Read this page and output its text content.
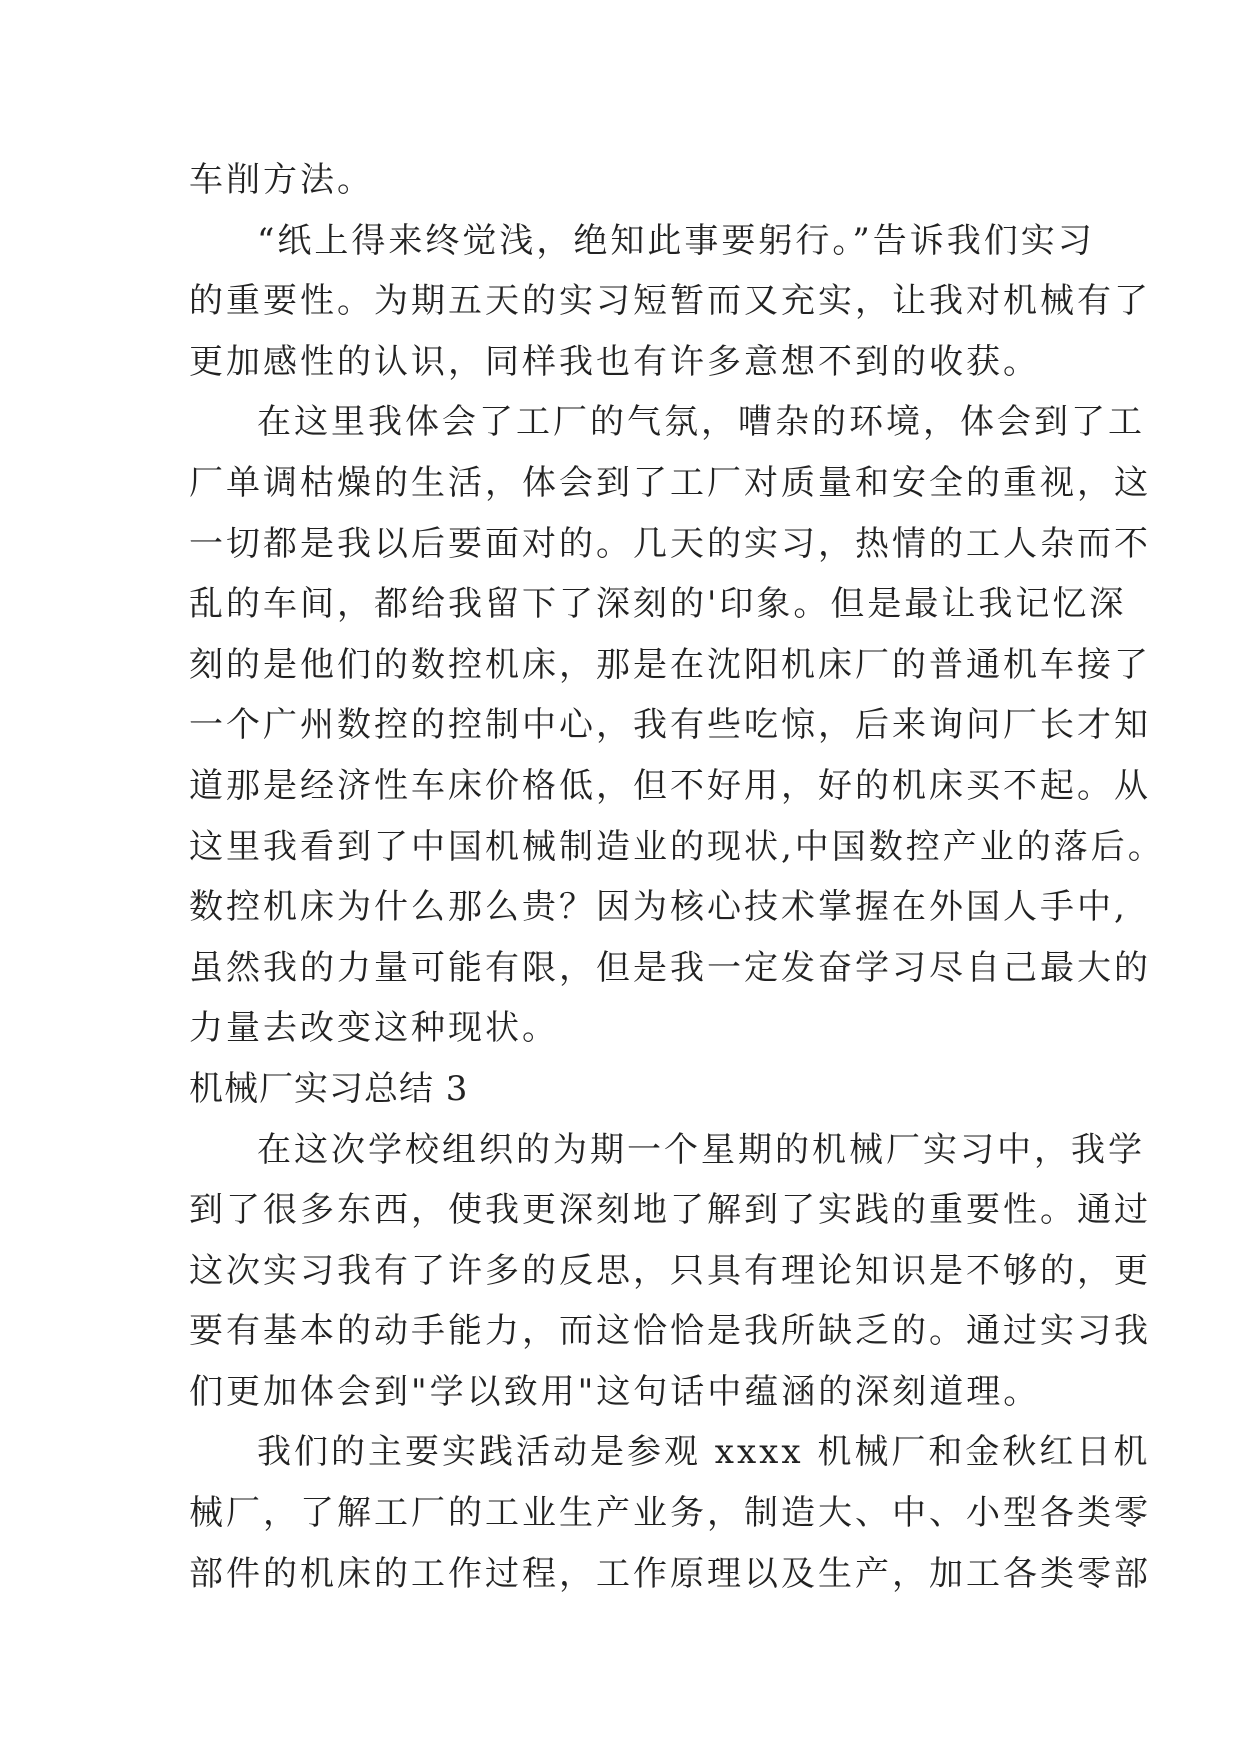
车削方法。
“纸上得来终觉浅，绝知此事要躬行。”告诉我们实习
的重要性。为期五天的实习短暂而又充实，让我对机械有了
更加感性的认识，同样我也有许多意想不到的收获。
在这里我体会了工厂的气氛，嘈杂的环境，体会到了工
厂单调枯燥的生活，体会到了工厂对质量和安全的重视，这
一切都是我以后要面对的。几天的实习，热情的工人杂而不
乱的车间，都给我留下了深刻的'印象。但是最让我记忆深
刻的是他们的数控机床，那是在沈阳机床厂的普通机车接了
一个广州数控的控制中心，我有些吃惊，后来询问厂长才知
道那是经济性车床价格低，但不好用，好的机床买不起。从
这里我看到了中国机械制造业的现状,中国数控产业的落后。
数控机床为什么那么贵？因为核心技术掌握在外国人手中,
虽然我的力量可能有限，但是我一定发奋学习尽自己最大的
力量去改变这种现状。
机械厂实习总结 3
在这次学校组织的为期一个星期的机械厂实习中，我学
到了很多东西，使我更深刻地了解到了实践的重要性。通过
这次实习我有了许多的反思，只具有理论知识是不够的，更
要有基本的动手能力，而这恰恰是我所缺乏的。通过实习我
们更加体会到"学以致用"这句话中蕴涵的深刻道理。
我们的主要实践活动是参观 xxxx 机械厂和金秋红日机
械厂，了解工厂的工业生产业务，制造大、中、小型各类零
部件的机床的工作过程，工作原理以及生产，加工各类零部
